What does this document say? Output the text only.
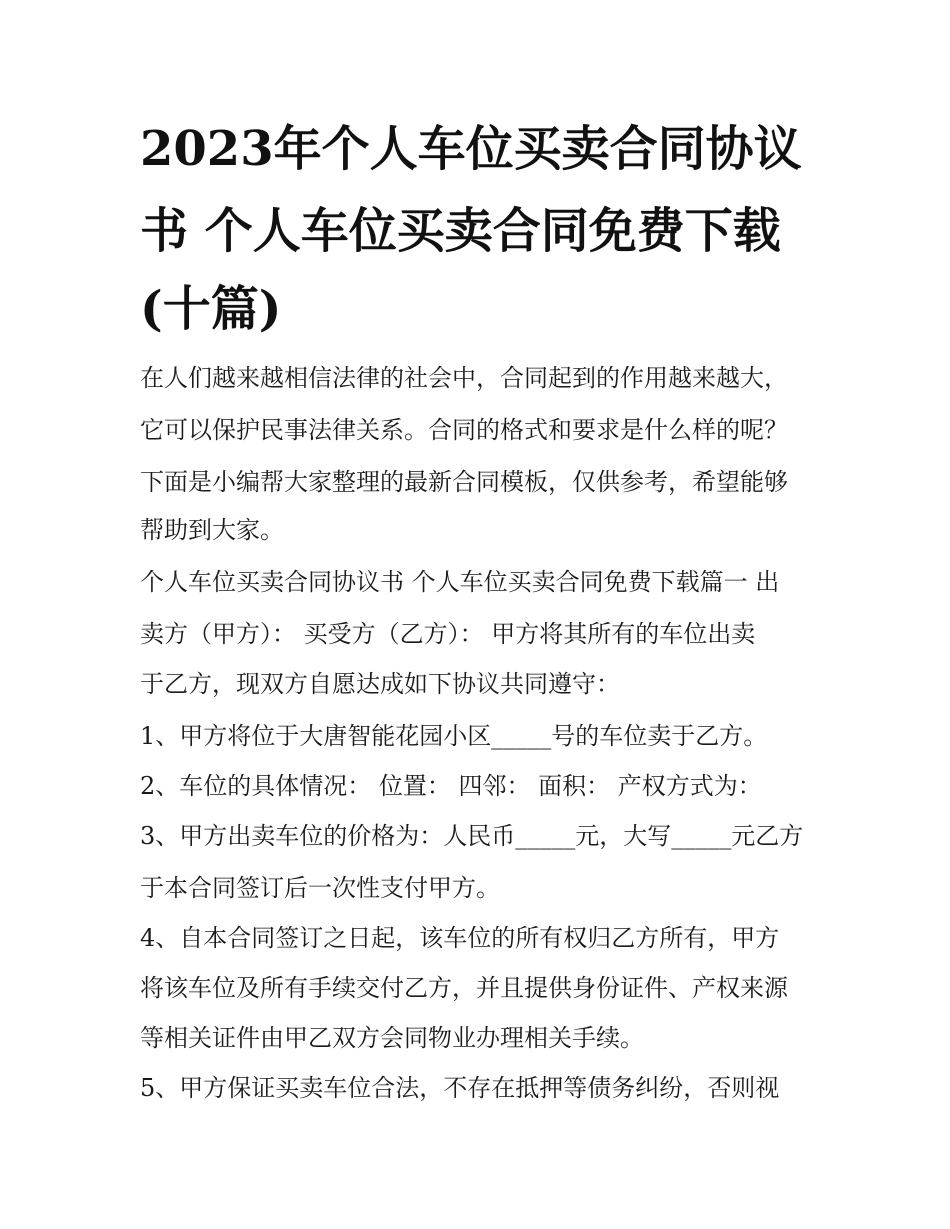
2023年个人车位买卖合同协议
书 个人车位买卖合同免费下载
(十篇)

在人们越来越相信法律的社会中，合同起到的作用越来越大，

它可以保护民事法律关系。合同的格式和要求是什么样的呢？

下面是小编帮大家整理的最新合同模板，仅供参考，希望能够

帮助到大家。

个人车位买卖合同协议书 个人车位买卖合同免费下载篇一 出

卖方（甲方）： 买受方（乙方）： 甲方将其所有的车位出卖

于乙方，现双方自愿达成如下协议共同遵守：

1、甲方将位于大唐智能花园小区_____号的车位卖于乙方。

2、车位的具体情况： 位置： 四邻： 面积： 产权方式为：

3、甲方出卖车位的价格为：人民币_____元，大写_____元乙方

于本合同签订后一次性支付甲方。

4、自本合同签订之日起，该车位的所有权归乙方所有，甲方

将该车位及所有手续交付乙方，并且提供身份证件、产权来源

等相关证件由甲乙双方会同物业办理相关手续。

5、甲方保证买卖车位合法，不存在抵押等债务纠纷，否则视
